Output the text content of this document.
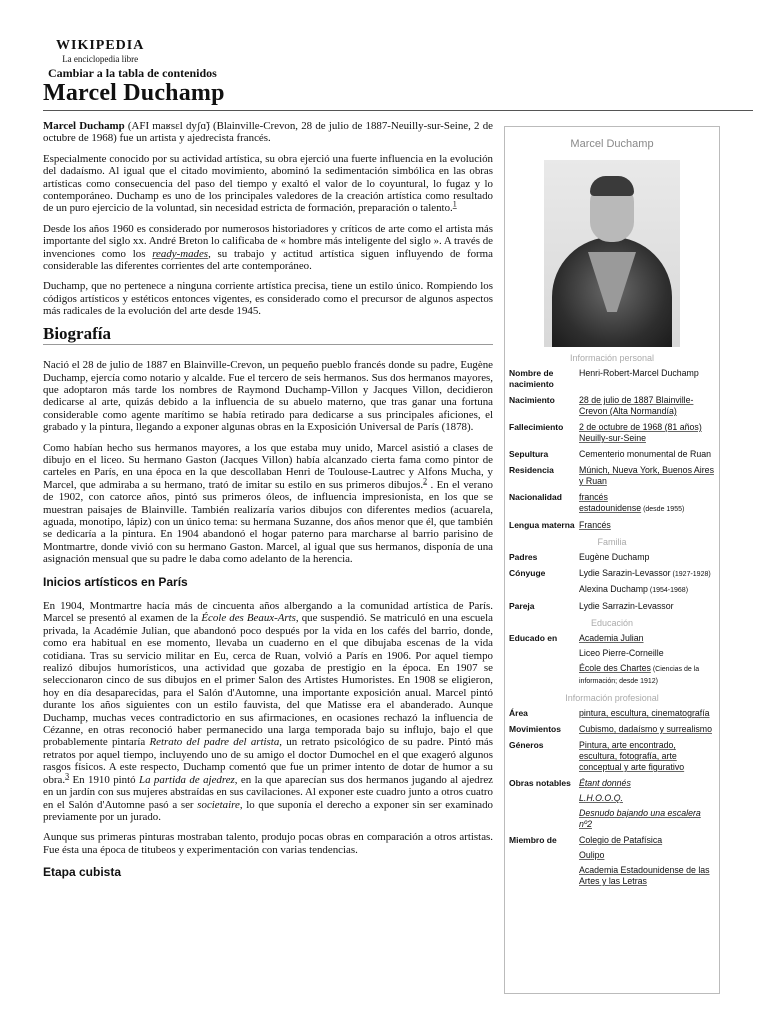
WIKIPEDIA
La enciclopedia libre
Cambiar a la tabla de contenidos
Marcel Duchamp

Marcel Duchamp (AFI maʁsɛl dyʃɑ̃) (Blainville-Crevon, 28 de julio de 1887-Neuilly-sur-Seine, 2 de octubre de 1968) fue un artista y ajedrecista francés.

Especialmente conocido por su actividad artística, su obra ejerció una fuerte influencia en la evolución del dadaísmo. Al igual que el citado movimiento, abominó la sedimentación simbólica en las obras artísticas como consecuencia del paso del tiempo y exaltó el valor de lo coyuntural, lo fugaz y lo contemporáneo. Duchamp es uno de los principales valedores de la creación artística como resultado de un puro ejercicio de la voluntad, sin necesidad estricta de formación, preparación o talento.$^1$

Desde los años 1960 es considerado por numerosos historiadores y críticos de arte como el artista más importante del siglo xx. André Breton lo calificaba de « hombre más inteligente del siglo ». A través de invenciones como los ready-mades, su trabajo y actitud artística siguen influyendo de forma considerable las diferentes corrientes del arte contemporáneo.

Duchamp, que no pertenece a ninguna corriente artística precisa, tiene un estilo único. Rompiendo los códigos artísticos y estéticos entonces vigentes, es considerado como el precursor de algunos aspectos más radicales de la evolución del arte desde 1945.

Biografía

Nació el 28 de julio de 1887 en Blainville-Crevon, un pequeño pueblo francés donde su padre, Eugène Duchamp, ejercía como notario y alcalde. Fue el tercero de seis hermanos. Sus dos hermanos mayores, que adoptaron más tarde los nombres de Raymond Duchamp-Villon y Jacques Villon, decidieron dedicarse al arte, quizás debido a la influencia de su abuelo materno, que tras ganar una fortuna considerable como agente marítimo se había retirado para dedicarse a sus principales aficiones, el grabado y la pintura, llegando a exponer algunas obras en la Exposición Universal de París (1878).

Como habían hecho sus hermanos mayores, a los que estaba muy unido, Marcel asistió a clases de dibujo en el liceo. Su hermano Gaston (Jacques Villon) había alcanzado cierta fama como pintor de carteles en París, en una época en la que descollaban Henri de Toulouse-Lautrec y Alfons Mucha, y Marcel, que admiraba a su hermano, trató de imitar su estilo en sus primeros dibujos.$^2$ . En el verano de 1902, con catorce años, pintó sus primeros óleos, de influencia impresionista, en los que se muestran paisajes de Blainville. También realizaría varios dibujos con diferentes medios (acuarela, aguada, monotipo, lápiz) con un único tema: su hermana Suzanne, dos años menor que él, que también se dedicaría a la pintura. En 1904 abandonó el hogar paterno para marcharse al barrio parisino de Montmartre, donde vivió con su hermano Gaston. Marcel, al igual que sus hermanos, disponía de una asignación mensual que su padre le daba como adelanto de la herencia.

Inicios artísticos en París

En 1904, Montmartre hacía más de cincuenta años albergando a la comunidad artística de París. Marcel se presentó al examen de la École des Beaux-Arts, que suspendió. Se matriculó en una escuela privada, la Académie Julian, que abandonó poco después por la vida en los cafés del barrio, donde, como era habitual en ese momento, llevaba un cuaderno en el que dibujaba escenas de la vida cotidiana. Tras su servicio militar en Eu, cerca de Ruan, volvió a París en 1906. Por aquel tiempo realizó dibujos humorísticos, una actividad que gozaba de prestigio en la época. En 1907 se seleccionaron cinco de sus dibujos en el primer Salon des Artistes Humoristes. En 1908 se eligieron, hoy en día desaparecidas, para el Salón d'Automne, una importante exposición anual. Marcel pintó durante los años siguientes con un estilo fauvista, del que Matisse era el abanderado. Aunque Duchamp, muchas veces contradictorio en sus afirmaciones, en ocasiones rechazó la influencia de Cézanne, en otras reconoció haber permanecido una larga temporada bajo su influjo, bajo el que probablemente pintaría Retrato del padre del artista, un retrato psicológico de su padre. Pintó más retratos por aquel tiempo, incluyendo uno de su amigo el doctor Dumochel en el que exageró algunos rasgos físicos. A este respecto, Duchamp comentó que fue un primer intento de dotar de humor a su obra.$^3$ En 1910 pintó La partida de ajedrez, en la que aparecían sus dos hermanos jugando al ajedrez en un jardín con sus mujeres abstraídas en sus cavilaciones. Al exponer este cuadro junto a otros cuatro en el Salón d'Automne pasó a ser societaire, lo que suponía el derecho a exponer sin ser examinado previamente por un jurado.

Aunque sus primeras pinturas mostraban talento, produjo pocas obras en comparación a otros artistas. Fue ésta una época de titubeos y experimentación con varias tendencias.

Etapa cubista
Marcel Duchamp
Información personal
Nombre de nacimiento
Henri-Robert-Marcel Duchamp
Nacimiento	28 de julio de 1887 Blainville-Crevon (Alta Normandía)
Fallecimiento	2 de octubre de 1968 (81 años) Neuilly-sur-Seine
Sepultura	Cementerio monumental de Ruan
Residencia	Múnich, Nueva York, Buenos Aires y Ruan
Nacionalidad	francés
estadounidense (desde 1955)
Lengua materna Francés
Familia
Padres	Eugène Duchamp
Cónyuge	Lydie Sarazin-Levassor (1927-1928)
Alexina Duchamp (1954-1968)
Pareja	Lydie Sarrazin-Levassor
Educación
Educado en	Academia Julian
Liceo Pierre-Corneille
École des Chartes (Ciencias de la información; desde 1912)
Información profesional
Área	pintura, escultura, cinematografía
Movimientos	Cubismo, dadaísmo y surrealismo
Géneros	Pintura, arte encontrado, escultura, fotografía, arte conceptual y arte figurativo
Obras notables Étant donnés
L.H.O.O.Q.
Desnudo bajando una escalera nº2
Miembro de	Colegio de Patafísica
Oulipo
Academia Estadounidense de las Artes y las Letras
